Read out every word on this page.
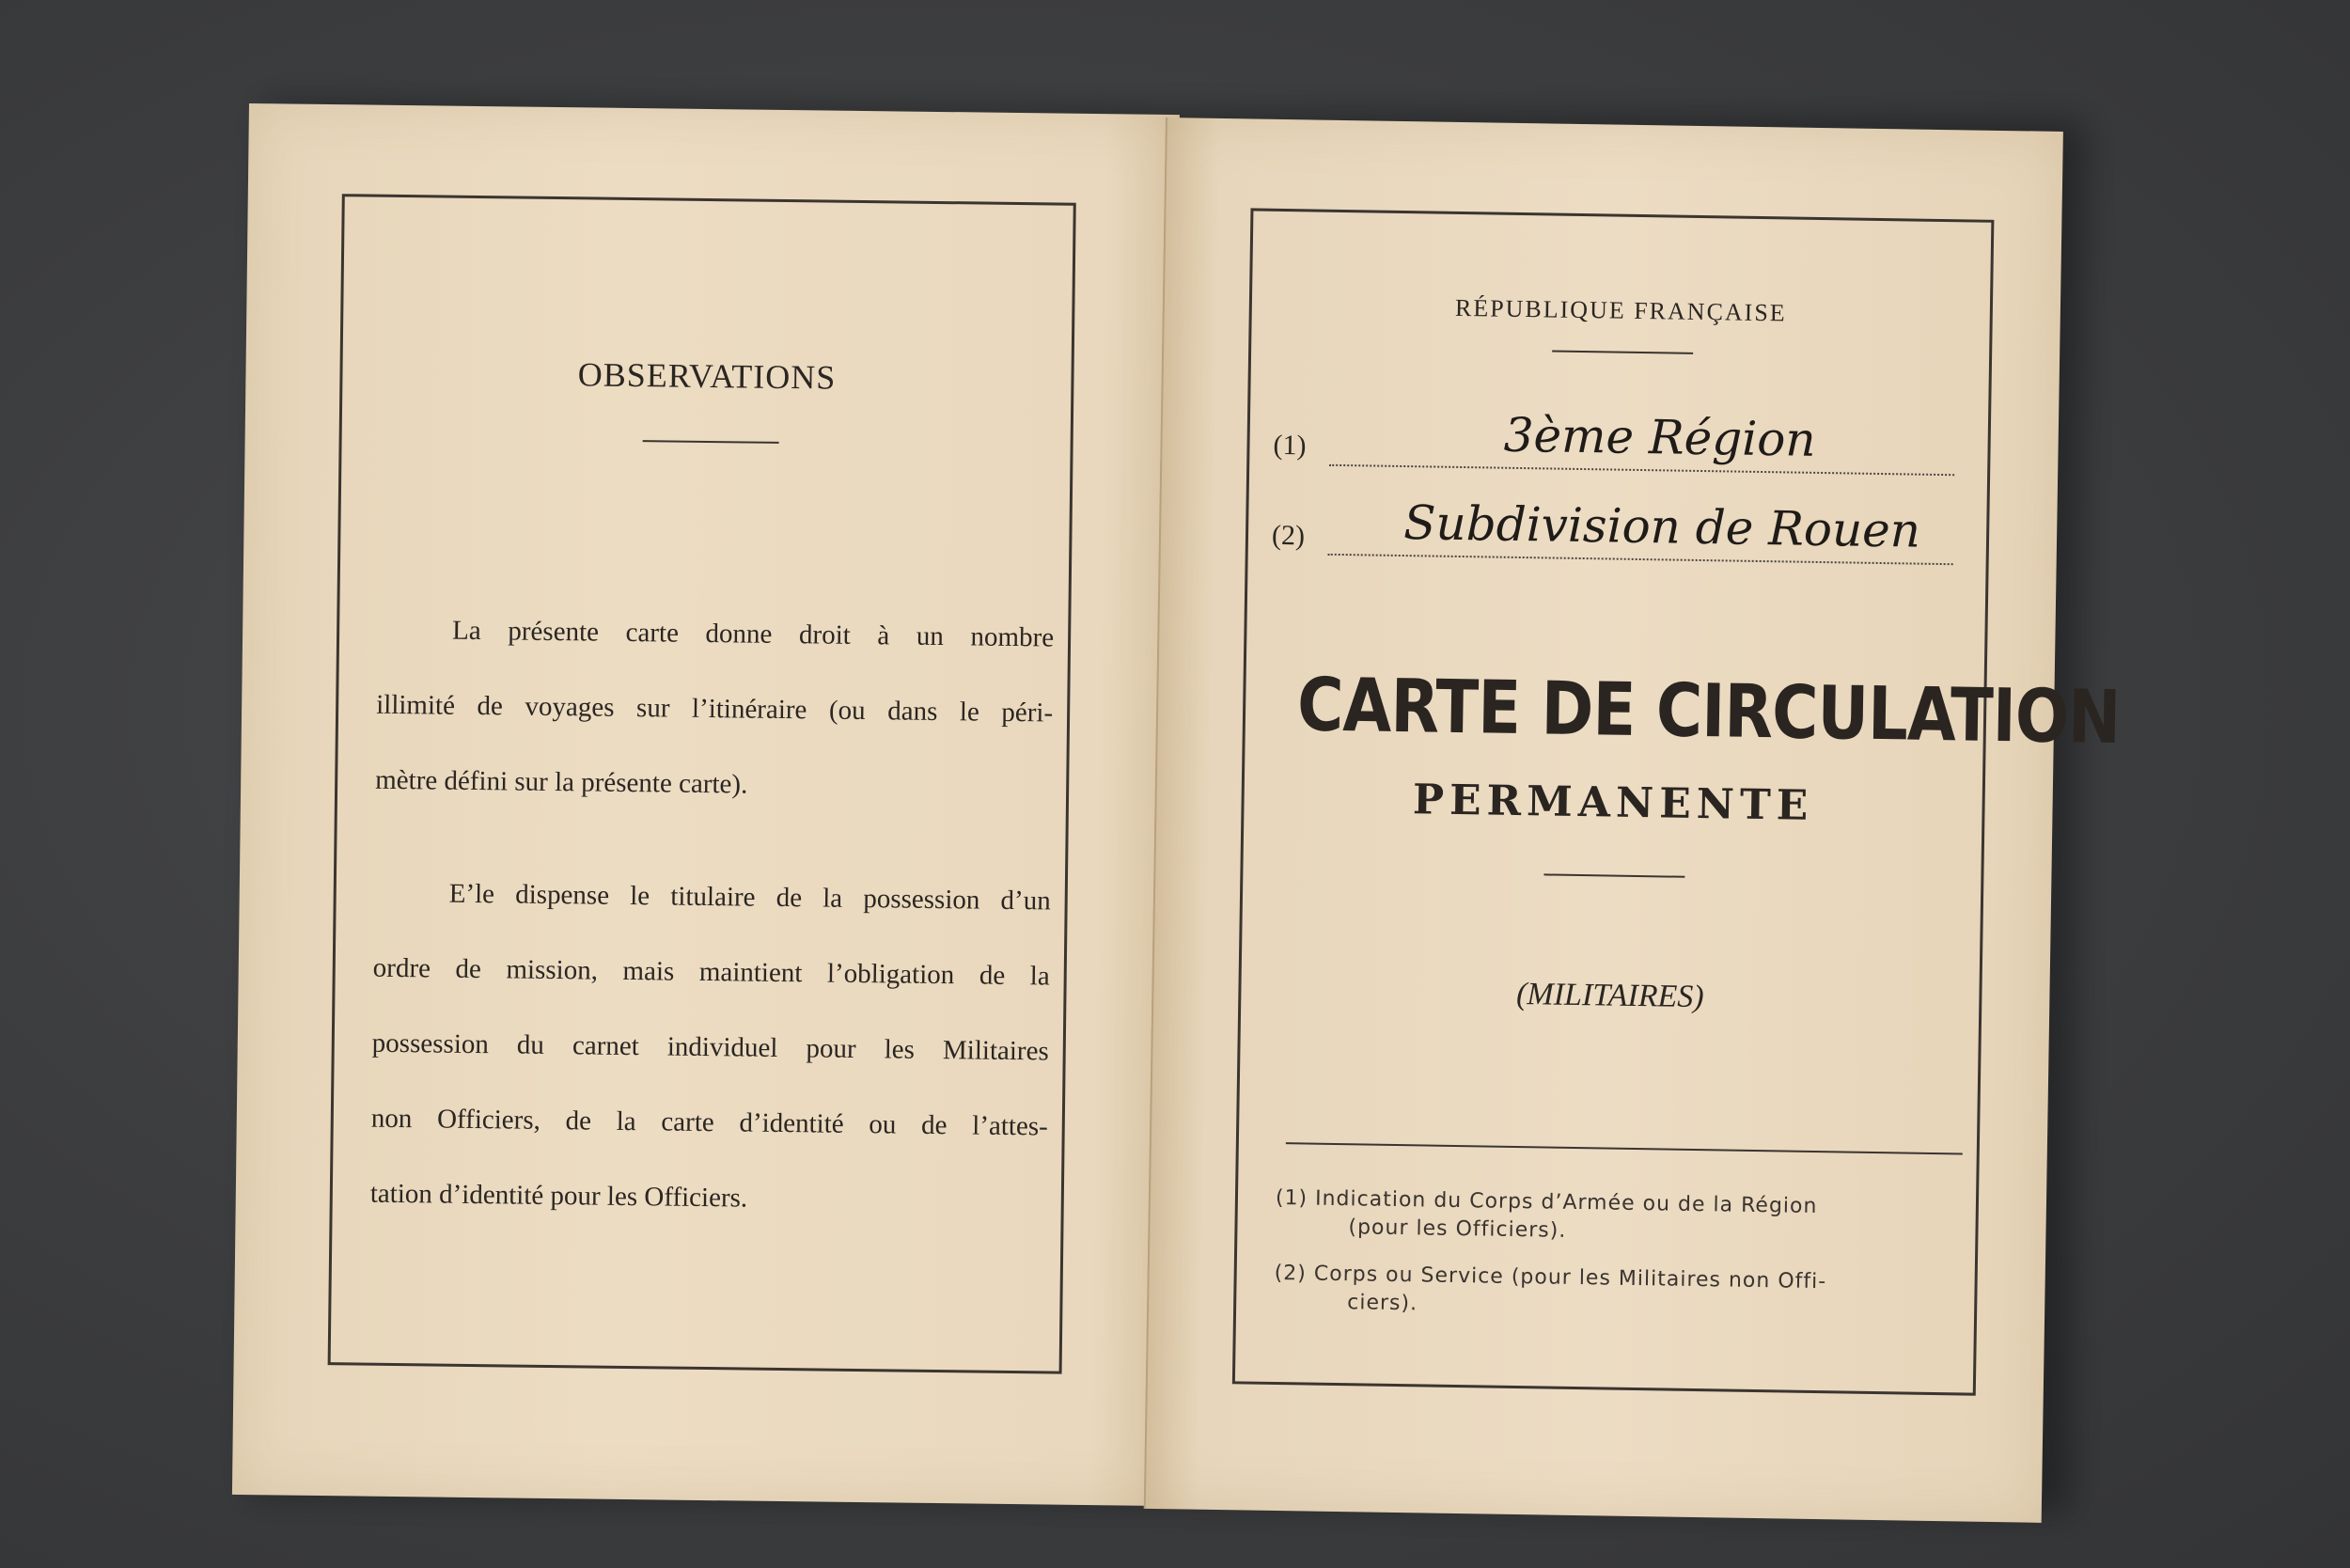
OBSERVATIONS
La présente carte donne droit à un nombre
illimité de voyages sur l’itinéraire (ou dans le péri-
mètre défini sur la présente carte).
E’le dispense le titulaire de la possession d’un
ordre de mission, mais maintient l’obligation de la
possession du carnet individuel pour les Militaires
non Officiers, de la carte d’identité ou de l’attes-
tation d’identité pour les Officiers.
RÉPUBLIQUE FRANÇAISE
(1)	3ème Région
(2) Subdivision de Rouen
CARTE DE CIRCULATION
PERMANENTE
(MILITAIRES)
(1) Indication du Corps d’Armée ou de la Région
(pour les Officiers).
(2) Corps ou Service (pour les Militaires non Offi-
ciers).
